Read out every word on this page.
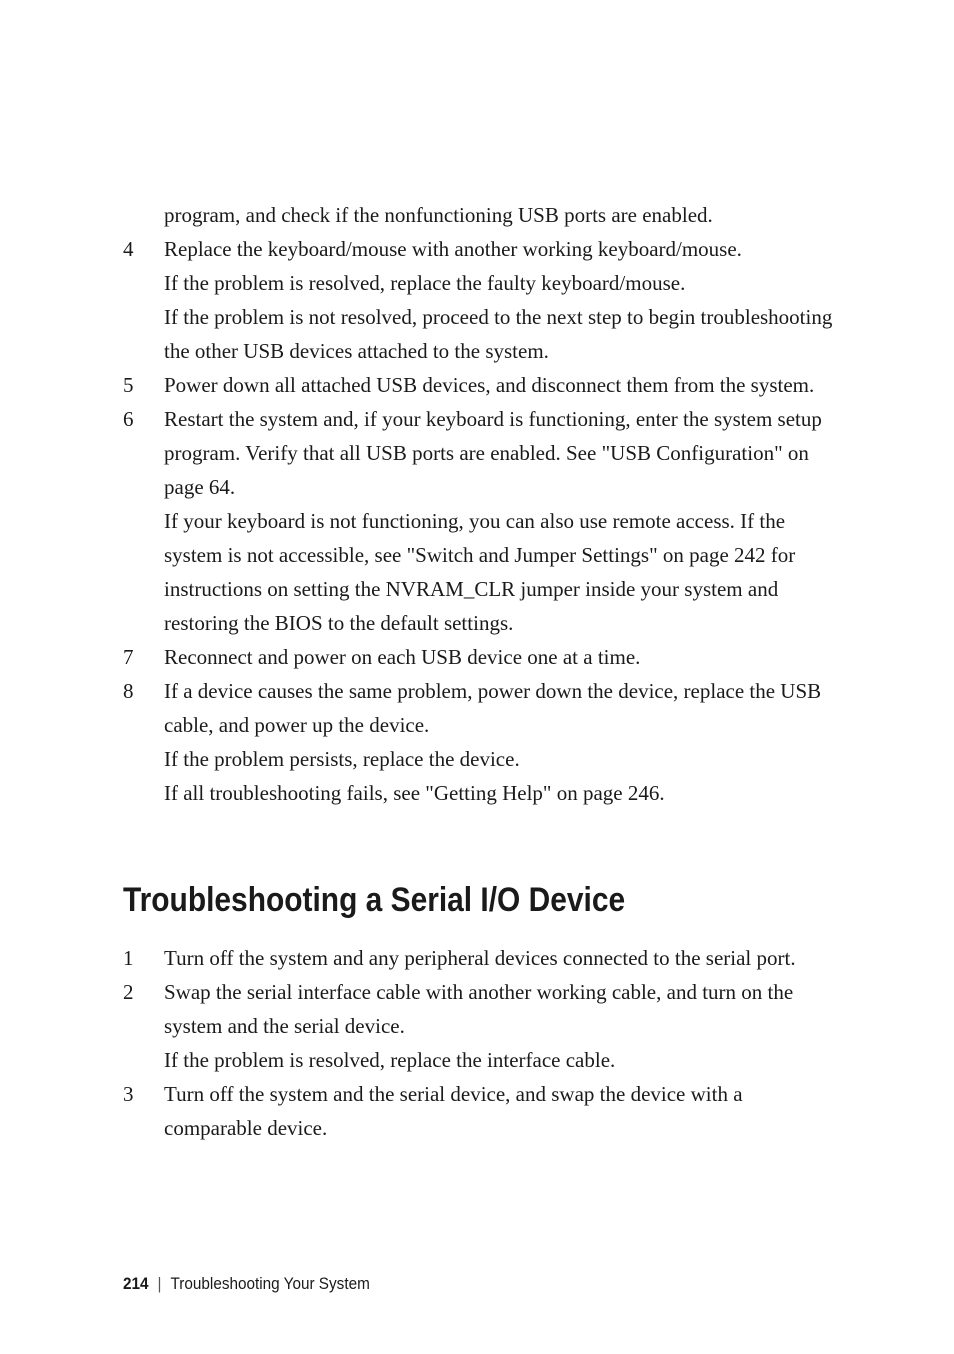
program, and check if the nonfunctioning USB ports are enabled.
4 Replace the keyboard/mouse with another working keyboard/mouse.
If the problem is resolved, replace the faulty keyboard/mouse.
If the problem is not resolved, proceed to the next step to begin troubleshooting the other USB devices attached to the system.
5 Power down all attached USB devices, and disconnect them from the system.
6 Restart the system and, if your keyboard is functioning, enter the system setup program. Verify that all USB ports are enabled. See "USB Configuration" on page 64.
If your keyboard is not functioning, you can also use remote access. If the system is not accessible, see "Switch and Jumper Settings" on page 242 for instructions on setting the NVRAM_CLR jumper inside your system and restoring the BIOS to the default settings.
7 Reconnect and power on each USB device one at a time.
8 If a device causes the same problem, power down the device, replace the USB cable, and power up the device.
If the problem persists, replace the device.
If all troubleshooting fails, see "Getting Help" on page 246.
Troubleshooting a Serial I/O Device
1 Turn off the system and any peripheral devices connected to the serial port.
2 Swap the serial interface cable with another working cable, and turn on the system and the serial device.
If the problem is resolved, replace the interface cable.
3 Turn off the system and the serial device, and swap the device with a comparable device.
214 | Troubleshooting Your System
